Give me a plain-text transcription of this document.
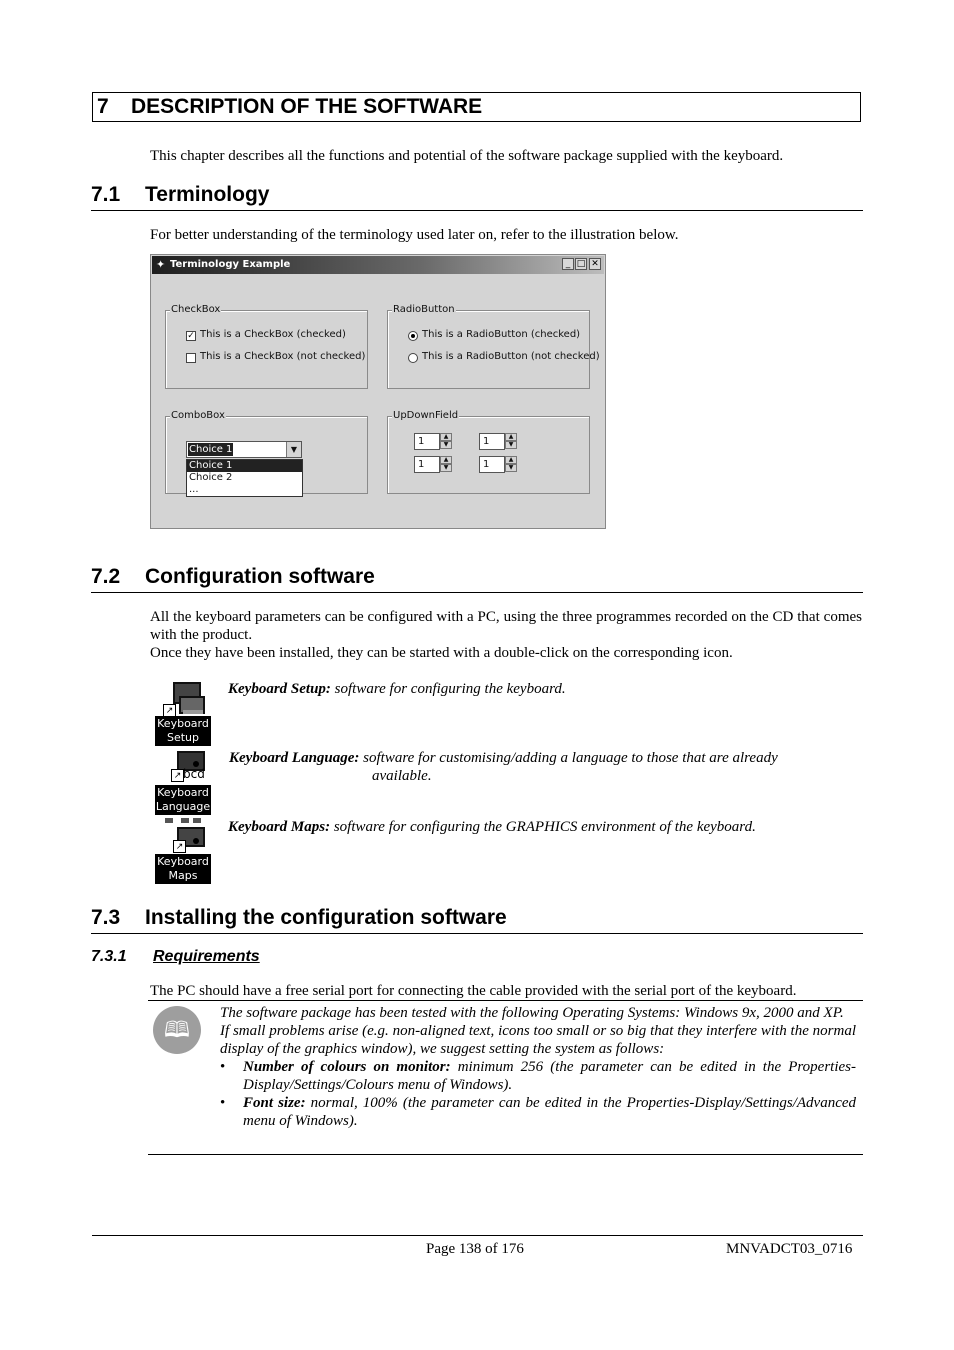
7 DESCRIPTION OF THE SOFTWARE
This chapter describes all the functions and potential of the software package supplied with the keyboard.
7.1 Terminology
For better understanding of the terminology used later on, refer to the illustration below.
✦ Terminology Example	_ □ ✕
CheckBox
✓ This is a CheckBox (checked)
This is a CheckBox (not checked)
RadioButton
This is a RadioButton (checked)
This is a RadioButton (not checked)
ComboBox
Choice 1	▼
Choice 1
Choice 2
...
UpDownField
1	▲
▼	1	▲
▼
1	▲
▼	1	▲
▼
7.2 Configuration software
All the keyboard parameters can be configured with a PC, using the three programmes recorded on the CD that comes with the product.
Once they have been installed, they can be started with a double-click on the corresponding icon.
↗
Keyboard
Setup
Keyboard Setup: software for configuring the keyboard.
↗ bcd
Keyboard
Language
Keyboard Language: software for customising/adding a language to those that are already
available.
↗
Keyboard
Maps
Keyboard Maps: software for configuring the GRAPHICS environment of the keyboard.
7.3 Installing the configuration software
7.3.1 Requirements
The PC should have a free serial port for connecting the cable provided with the serial port of the keyboard.
🕮

The software package has been tested with the following Operating Systems: Windows 9x, 2000 and XP.

If small problems arise (e.g. non-aligned text, icons too small or so big that they interfere with the normal display of the graphics window), we suggest setting the system as follows:

• Number of colours on monitor: minimum 256 (the parameter can be edited in the Properties-Display/Settings/Colours menu of Windows).
• Font size: normal, 100% (the parameter can be edited in the Properties-Display/Settings/Advanced menu of Windows).
Page 138 of 176	MNVADCT03_0716
